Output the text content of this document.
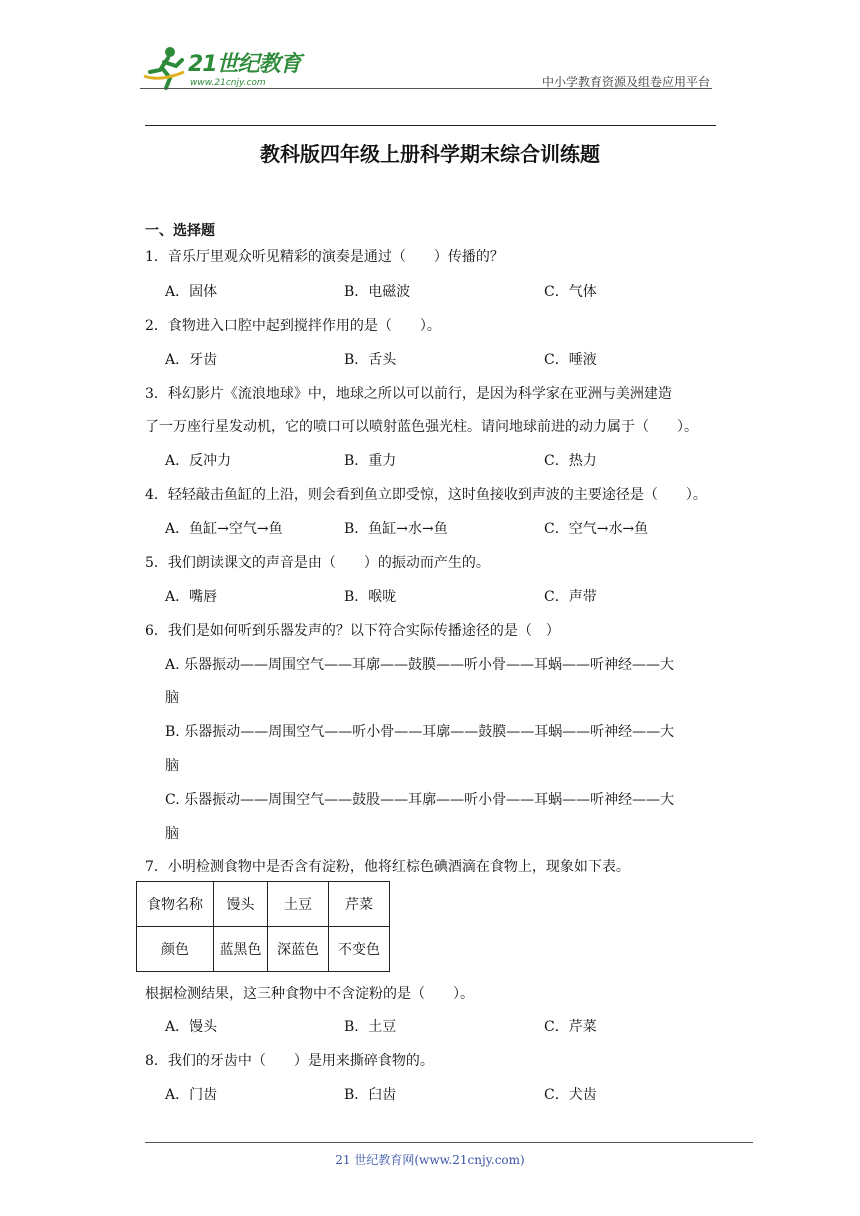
21世纪教育
www.21cnjy.com	中小学教育资源及组卷应用平台
教科版四年级上册科学期末综合训练题
一、选择题
1．音乐厅里观众听见精彩的演奏是通过（　　）传播的？
A．固体	B．电磁波	C．气体
2．食物进入口腔中起到搅拌作用的是（　　）。
A．牙齿	B．舌头	C．唾液
3．科幻影片《流浪地球》中，地球之所以可以前行，是因为科学家在亚洲与美洲建造
了一万座行星发动机，它的喷口可以喷射蓝色强光柱。请问地球前进的动力属于（　　）。
A．反冲力	B．重力	C．热力
4．轻轻敲击鱼缸的上沿，则会看到鱼立即受惊，这时鱼接收到声波的主要途径是（　　）。
A．鱼缸→空气→鱼	B．鱼缸→水→鱼	C．空气→水→鱼
5．我们朗读课文的声音是由（　　）的振动而产生的。
A．嘴唇	B．喉咙	C．声带
6．我们是如何听到乐器发声的？以下符合实际传播途径的是（　）
A. 乐器振动——周围空气——耳廓——鼓膜——听小骨——耳蜗——听神经——大
脑
B. 乐器振动——周围空气——听小骨——耳廓——鼓膜——耳蜗——听神经——大
脑
C. 乐器振动——周围空气——鼓股——耳廓——听小骨——耳蜗——听神经——大
脑
7．小明检测食物中是否含有淀粉，他将红棕色碘酒滴在食物上，现象如下表。
食物名称	馒头	土豆	芹菜
颜色	蓝黑色	深蓝色	不变色
根据检测结果，这三种食物中不含淀粉的是（　　）。
A．馒头	B．土豆	C．芹菜
8．我们的牙齿中（　　）是用来撕碎食物的。
A．门齿	B．臼齿	C．犬齿
21 世纪教育网(www.21cnjy.com)
